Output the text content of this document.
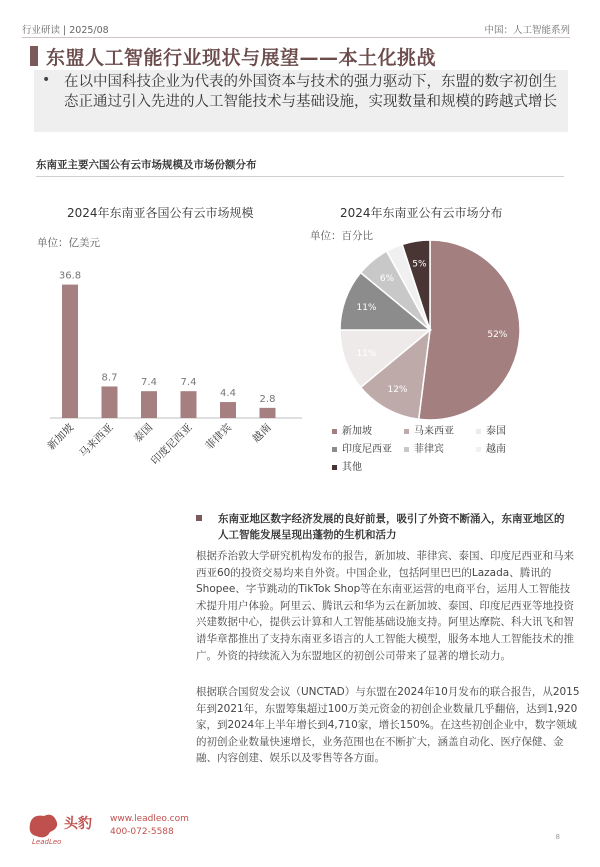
行业研读 | 2025/08	中国：人工智能系列
东盟人工智能行业现状与展望——本土化挑战
• 在以中国科技企业为代表的外国资本与技术的强力驱动下，东盟的数字初创生态正通过引入先进的人工智能技术与基础设施，实现数量和规模的跨越式增长
东南亚主要六国公有云市场规模及市场份额分布
2024年东南亚各国公有云市场规模
单位：亿美元
36.8
新加坡
8.7
马来西亚
7.4
泰国
7.4
印度尼西亚
4.4
菲律宾
2.8
越南
2024年东南亚公有云市场分布
单位：百分比
52%
12%
11%
11%
6%
5%
新加坡	马来西亚	泰国印度尼西亚 菲律宾	越南其他
东南亚地区数字经济发展的良好前景，吸引了外资不断涌入，东南亚地区的人工智能发展呈现出蓬勃的生机和活力
根据乔治敦大学研究机构发布的报告，新加坡、菲律宾、泰国、印度尼西亚和马来西亚60的投资交易均来自外资。中国企业，包括阿里巴巴的Lazada、腾讯的Shopee、字节跳动的TikTok Shop等在东南亚运营的电商平台，运用人工智能技术提升用户体验。阿里云、腾讯云和华为云在新加坡、泰国、印度尼西亚等地投资兴建数据中心，提供云计算和人工智能基础设施支持。阿里达摩院、科大讯飞和智谱华章都推出了支持东南亚多语言的人工智能大模型，服务本地人工智能技术的推广。外资的持续流入为东盟地区的初创公司带来了显著的增长动力。
根据联合国贸发会议（UNCTAD）与东盟在2024年10月发布的联合报告，从2015年到2021年，东盟筹集超过100万美元资金的初创企业数量几乎翻倍，达到1,920家，到2024年上半年增长到4,710家，增长150%。在这些初创企业中，数字领域的初创企业数量快速增长，业务范围也在不断扩大，涵盖自动化、医疗保健、金融、内容创建、娱乐以及零售等各方面。
头豹
LeadLeo
www.leadleo.com
400-072-5588	8
